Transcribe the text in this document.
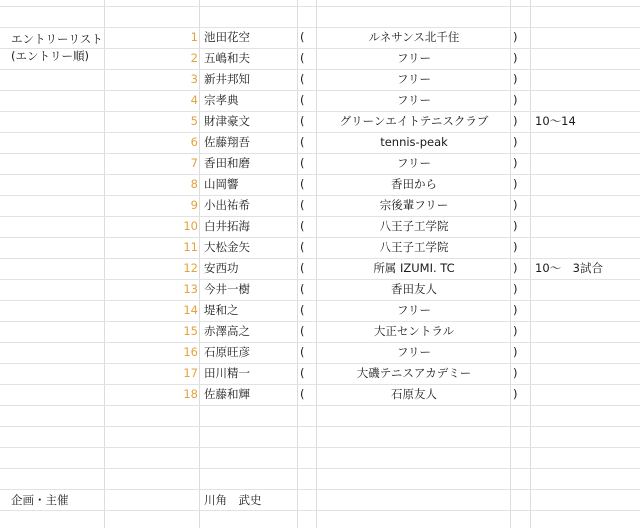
エントリーリスト
(エントリー順)
1 池田花空	(	ルネサンス北千住	)
2 五嶋和夫	(	フリー	)
3 新井邦知	(	フリー	)
4 宗孝典	(	フリー	)
5 財津豪文	(	グリーンエイトテニスクラブ	)	10〜14
6 佐藤翔吾	(	tennis-peak	)
7 香田和磨	(	フリー	)
8 山岡響	(	香田から	)
9 小出祐希	(	宗後輩フリー	)
10 白井拓海	(	八王子工学院	)
11 大松金矢	(	八王子工学院	)
12 安西功	(	所属 IZUMI. TC	)	10〜　3試合
13 今井一樹	(	香田友人	)
14 堤和之	(	フリー	)
15 赤澤高之	(	大正セントラル	)
16 石原旺彦	(	フリー	)
17 田川精一	(	大磯テニスアカデミー	)
18 佐藤和輝	(	石原友人	)
企画・主催	川角　武史
